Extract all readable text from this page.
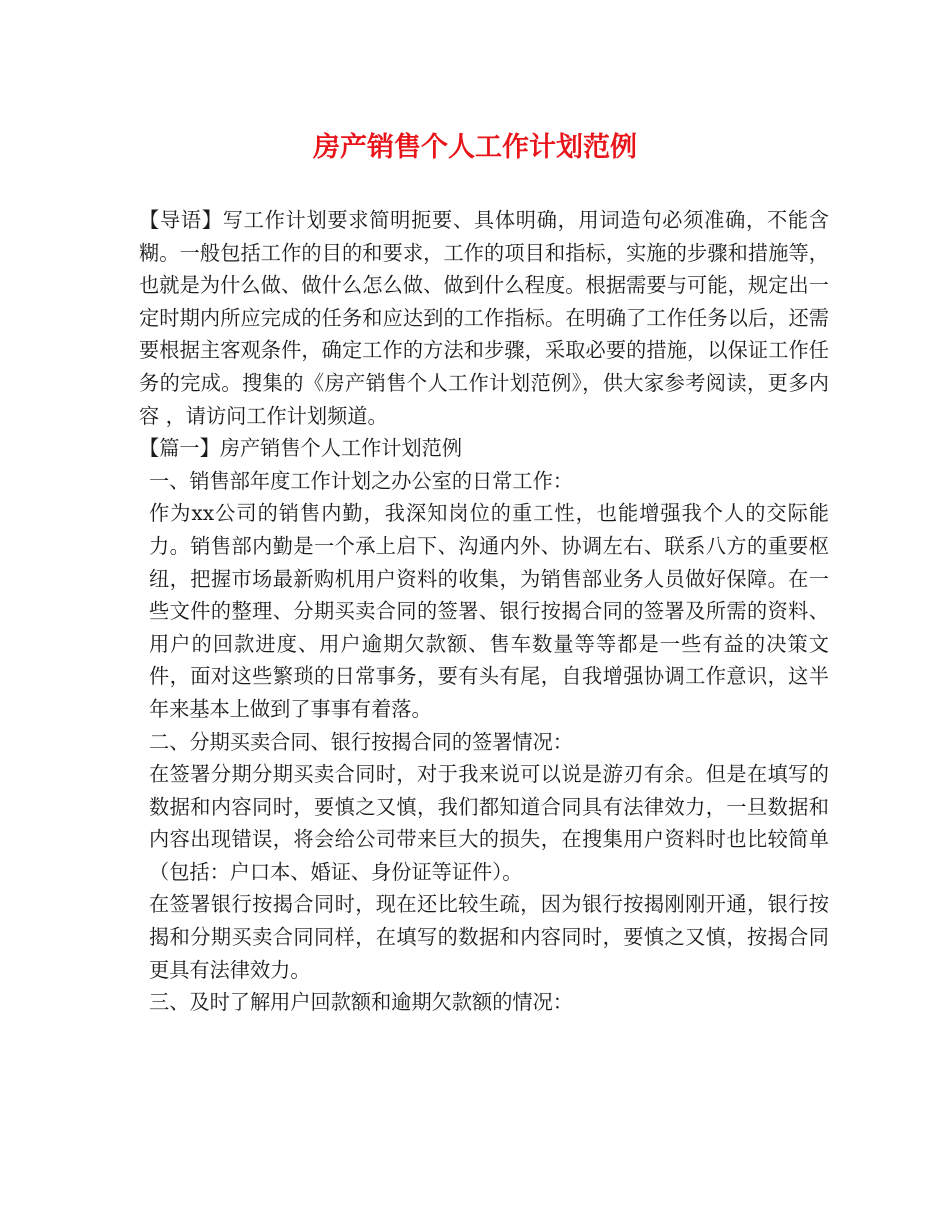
房产销售个人工作计划范例

【导语】写工作计划要求简明扼要、具体明确，用词造句必须准确，不能含糊。一般包括工作的目的和要求，工作的项目和指标，实施的步骤和措施等，也就是为什么做、做什么怎么做、做到什么程度。根据需要与可能，规定出一定时期内所应完成的任务和应达到的工作指标。在明确了工作任务以后，还需要根据主客观条件，确定工作的方法和步骤，采取必要的措施，以保证工作任务的完成。搜集的《房产销售个人工作计划范例》，供大家参考阅读，更多内容 ，请访问工作计划频道。

【篇一】房产销售个人工作计划范例

一、销售部年度工作计划之办公室的日常工作：

作为xx公司的销售内勤，我深知岗位的重工性，也能增强我个人的交际能力。销售部内勤是一个承上启下、沟通内外、协调左右、联系八方的重要枢纽，把握市场最新购机用户资料的收集，为销售部业务人员做好保障。在一些文件的整理、分期买卖合同的签署、银行按揭合同的签署及所需的资料、用户的回款进度、用户逾期欠款额、售车数量等等都是一些有益的决策文件，面对这些繁琐的日常事务，要有头有尾，自我增强协调工作意识，这半年来基本上做到了事事有着落。

二、分期买卖合同、银行按揭合同的签署情况：

在签署分期分期买卖合同时，对于我来说可以说是游刃有余。但是在填写的数据和内容同时，要慎之又慎，我们都知道合同具有法律效力，一旦数据和内容出现错误，将会给公司带来巨大的损失，在搜集用户资料时也比较简单（包括：户口本、婚证、身份证等证件）。

在签署银行按揭合同时，现在还比较生疏，因为银行按揭刚刚开通，银行按揭和分期买卖合同同样，在填写的数据和内容同时，要慎之又慎，按揭合同更具有法律效力。

三、及时了解用户回款额和逾期欠款额的情况：
